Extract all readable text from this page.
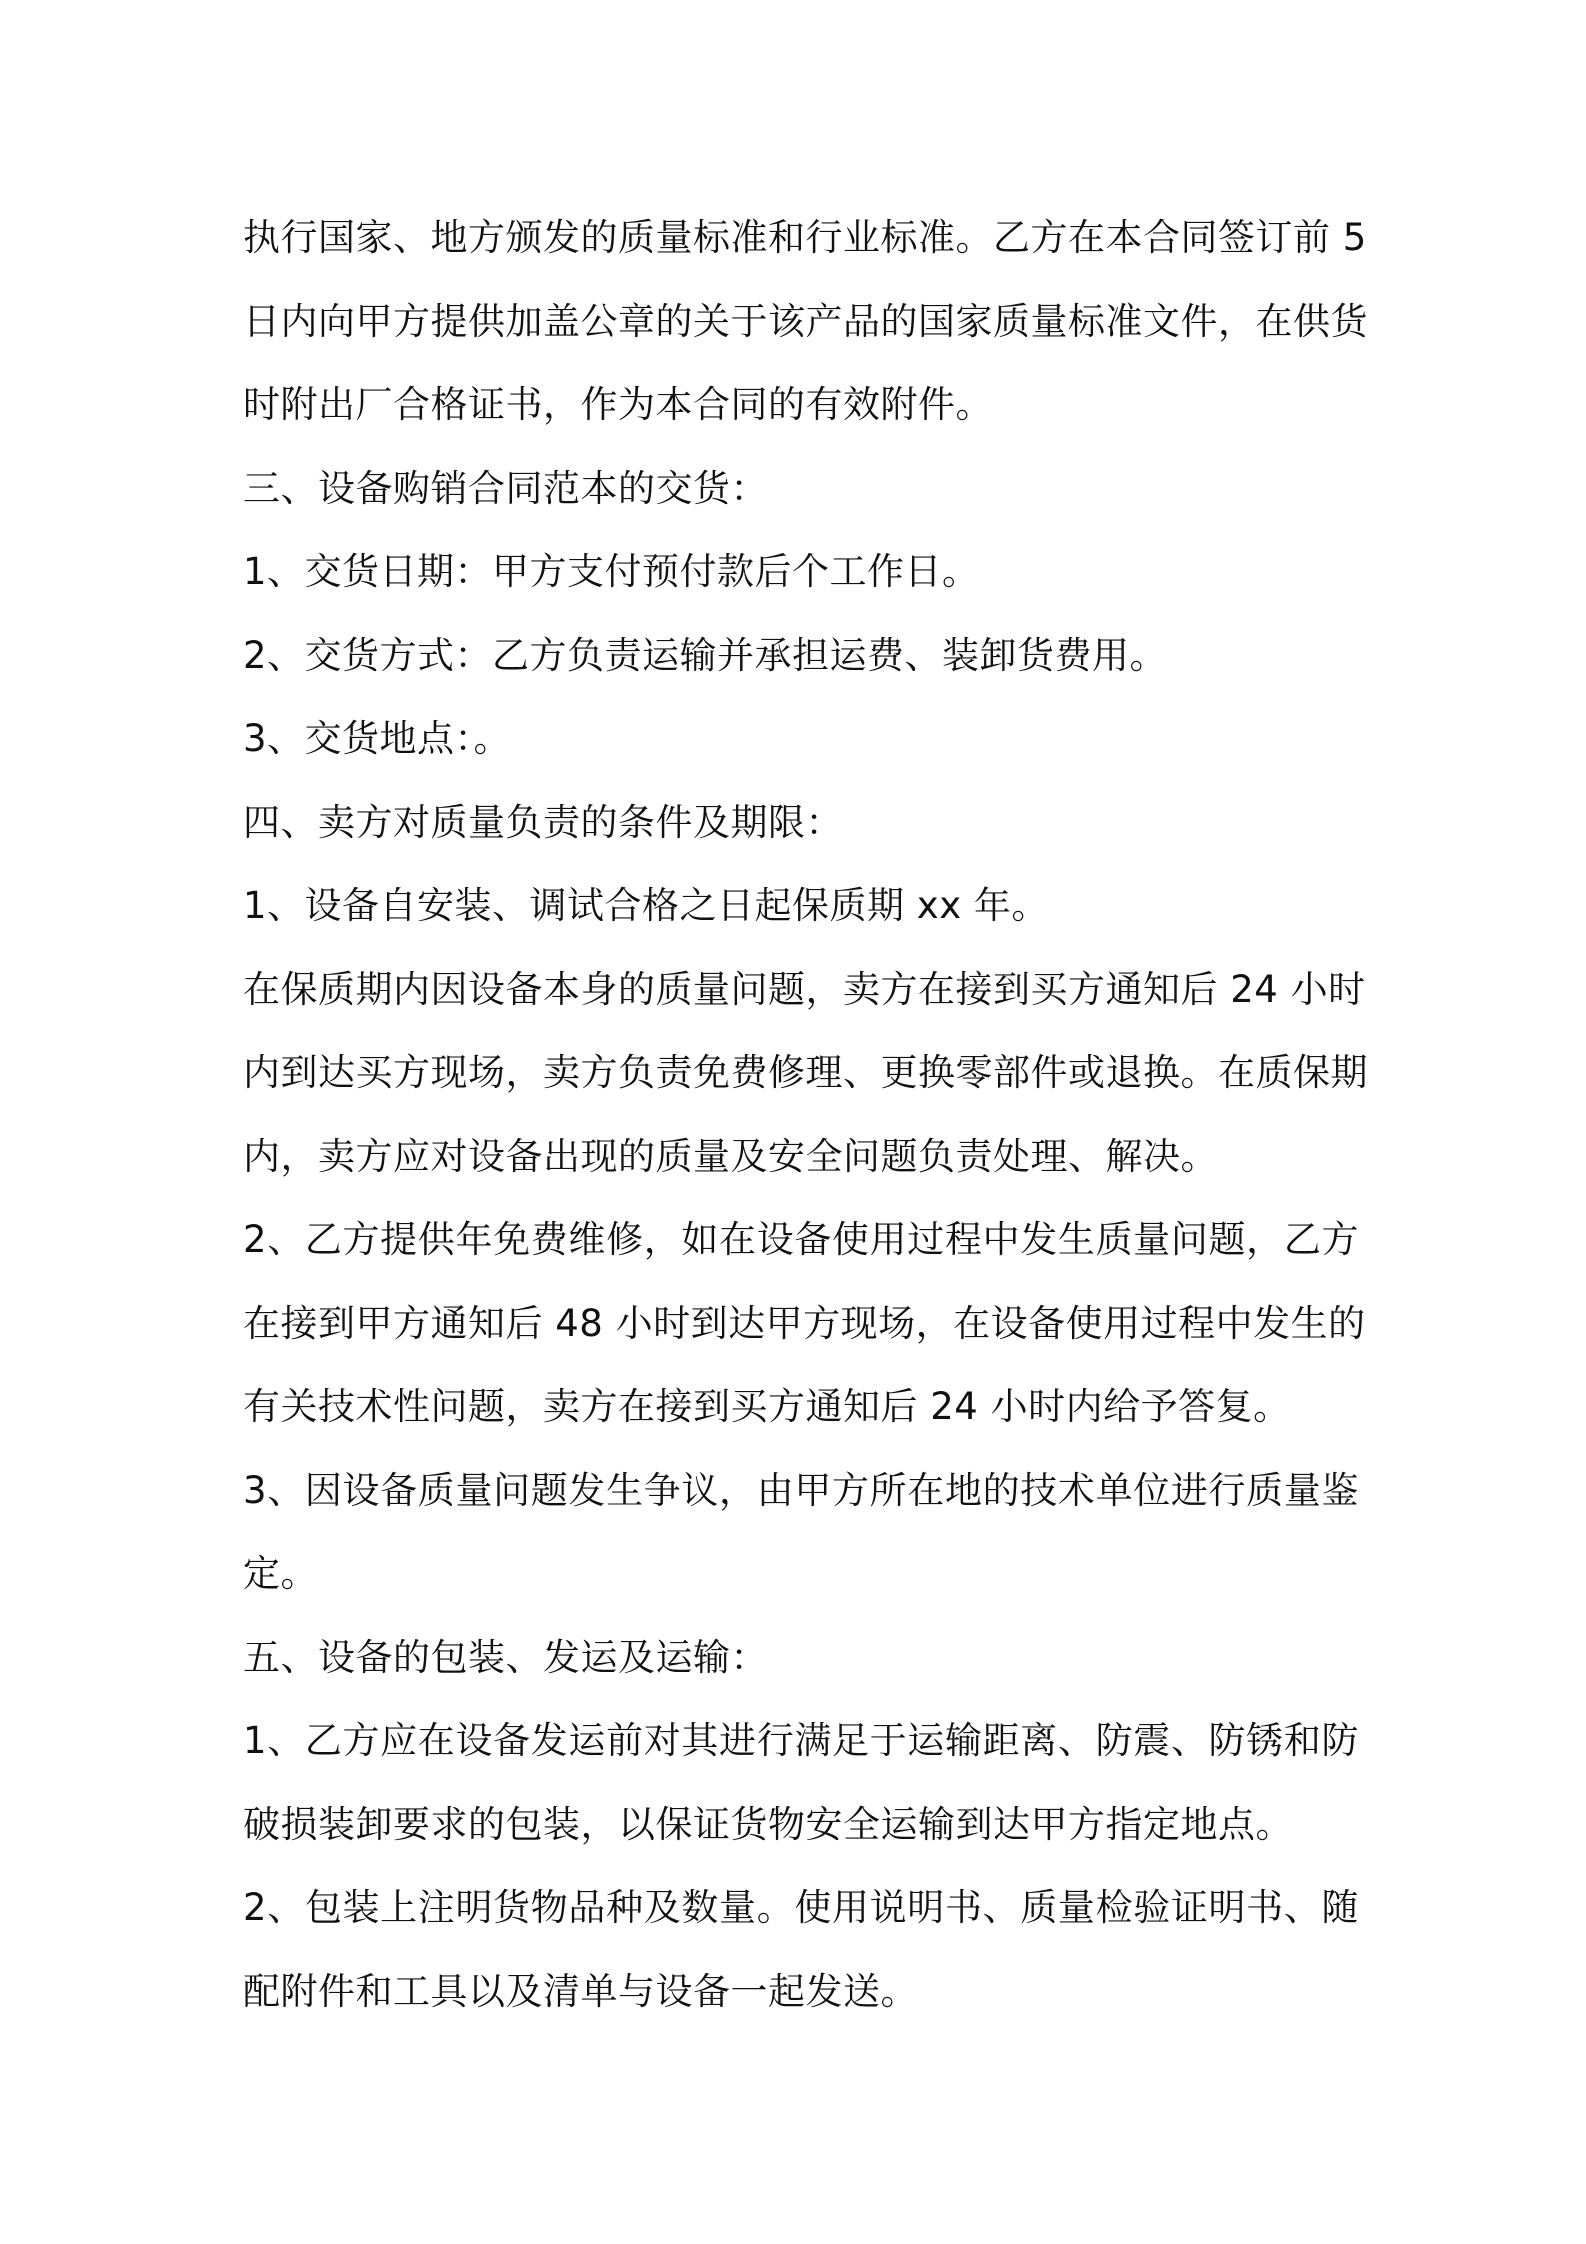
执行国家、地方颁发的质量标准和行业标准。乙方在本合同签订前 5
日内向甲方提供加盖公章的关于该产品的国家质量标准文件，在供货
时附出厂合格证书，作为本合同的有效附件。
三、设备购销合同范本的交货：
1、交货日期：甲方支付预付款后个工作日。
2、交货方式：乙方负责运输并承担运费、装卸货费用。
3、交货地点：。
四、卖方对质量负责的条件及期限：
1、设备自安装、调试合格之日起保质期 xx 年。
在保质期内因设备本身的质量问题，卖方在接到买方通知后 24 小时
内到达买方现场，卖方负责免费修理、更换零部件或退换。在质保期
内，卖方应对设备出现的质量及安全问题负责处理、解决。
2、乙方提供年免费维修，如在设备使用过程中发生质量问题，乙方
在接到甲方通知后 48 小时到达甲方现场，在设备使用过程中发生的
有关技术性问题，卖方在接到买方通知后 24 小时内给予答复。
3、因设备质量问题发生争议，由甲方所在地的技术单位进行质量鉴
定。
五、设备的包装、发运及运输：
1、乙方应在设备发运前对其进行满足于运输距离、防震、防锈和防
破损装卸要求的包装，以保证货物安全运输到达甲方指定地点。
2、包装上注明货物品种及数量。使用说明书、质量检验证明书、随
配附件和工具以及清单与设备一起发送。
